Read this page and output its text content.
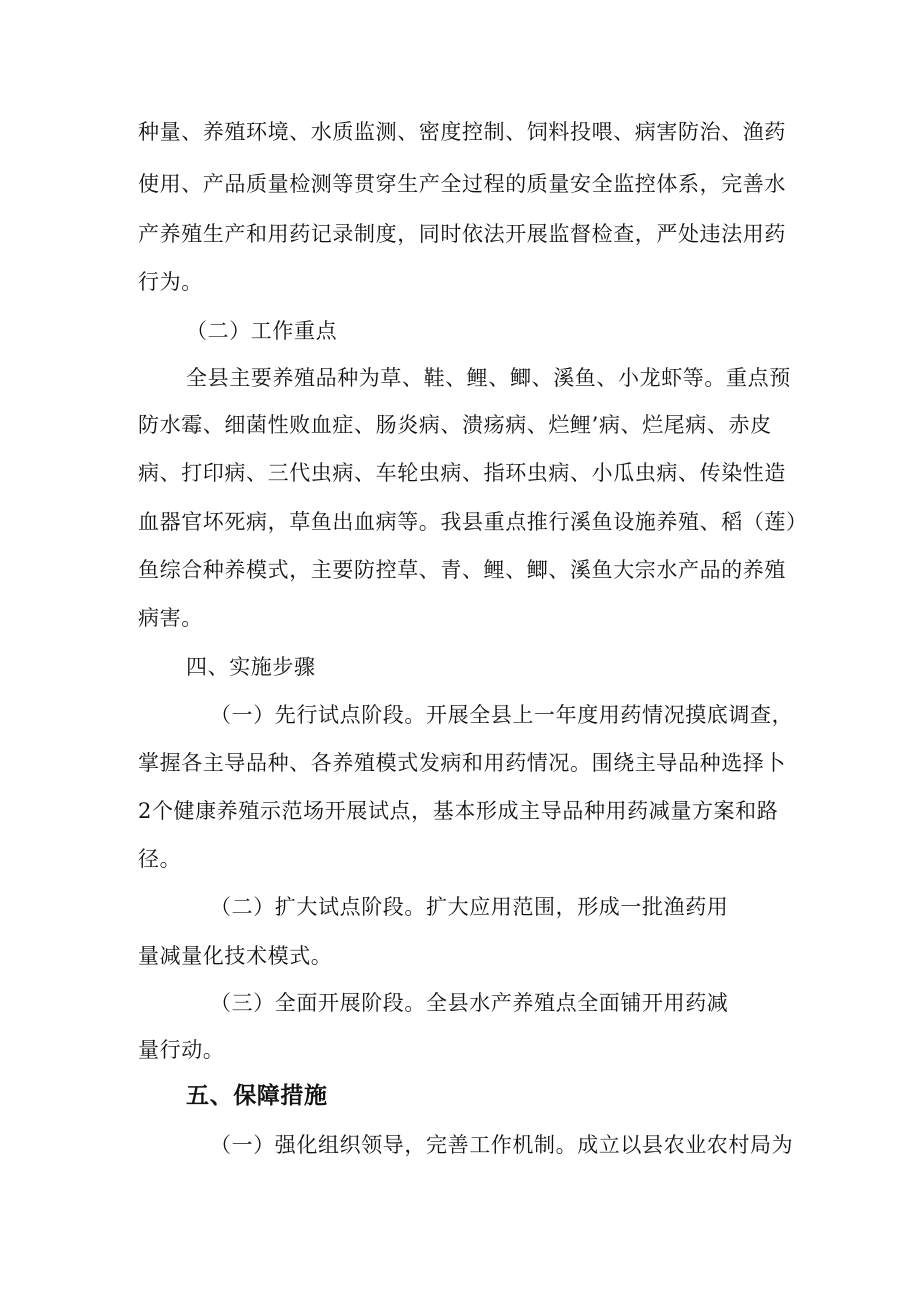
种量、养殖环境、水质监测、密度控制、饲料投喂、病害防治、渔药
使用、产品质量检测等贯穿生产全过程的质量安全监控体系，完善水
产养殖生产和用药记录制度，同时依法开展监督检查，严处违法用药
行为。
（二）工作重点
全县主要养殖品种为草、鞋、鲤、鲫、溪鱼、小龙虾等。重点预
防水霉、细菌性败血症、肠炎病、溃疡病、烂鲤’病、烂尾病、赤皮
病、打印病、三代虫病、车轮虫病、指环虫病、小瓜虫病、传染性造
血器官坏死病，草鱼出血病等。我县重点推行溪鱼设施养殖、稻（莲）
鱼综合种养模式，主要防控草、青、鲤、鲫、溪鱼大宗水产品的养殖
病害。
四、实施步骤
（一）先行试点阶段。开展全县上一年度用药情况摸底调查，
掌握各主导品种、各养殖模式发病和用药情况。围绕主导品种选择卜
2个健康养殖示范场开展试点，基本形成主导品种用药减量方案和路
径。
（二）扩大试点阶段。扩大应用范围，形成一批渔药用
量减量化技术模式。
（三）全面开展阶段。全县水产养殖点全面铺开用药减
量行动。
五、保障措施
（一）强化组织领导，完善工作机制。成立以县农业农村局为
